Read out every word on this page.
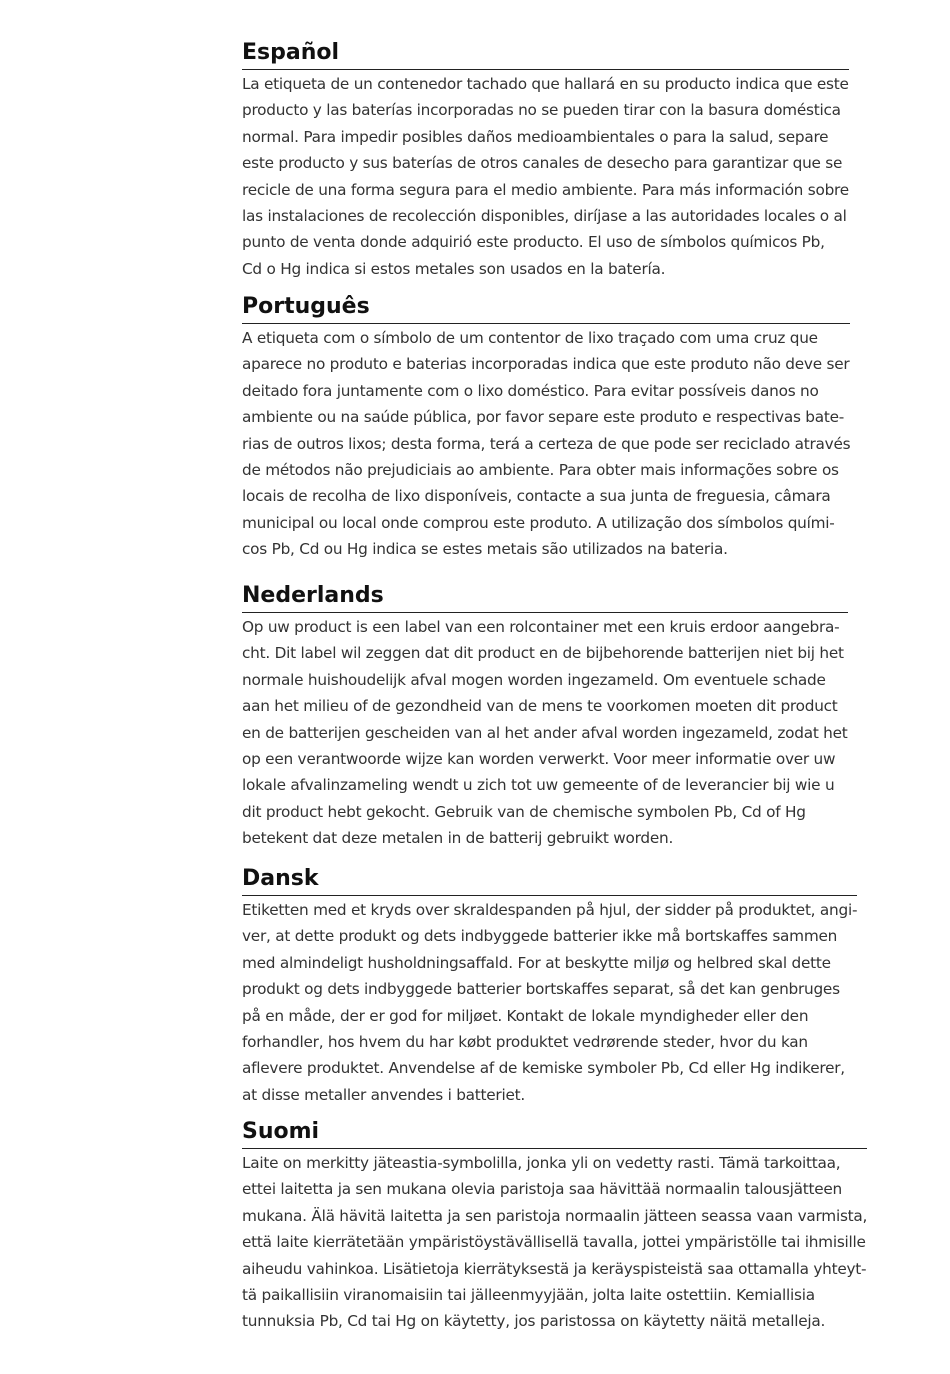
Español
La etiqueta de un contenedor tachado que hallará en su producto indica que este
producto y las baterías incorporadas no se pueden tirar con la basura doméstica
normal. Para impedir posibles daños medioambientales o para la salud, separe
este producto y sus baterías de otros canales de desecho para garantizar que se
recicle de una forma segura para el medio ambiente. Para más información sobre
las instalaciones de recolección disponibles, diríjase a las autoridades locales o al
punto de venta donde adquirió este producto. El uso de símbolos químicos Pb,
Cd o Hg indica si estos metales son usados en la batería.
Português
A etiqueta com o símbolo de um contentor de lixo traçado com uma cruz que
aparece no produto e baterias incorporadas indica que este produto não deve ser
deitado fora juntamente com o lixo doméstico. Para evitar possíveis danos no
ambiente ou na saúde pública, por favor separe este produto e respectivas bate-
rias de outros lixos; desta forma, terá a certeza de que pode ser reciclado através
de métodos não prejudiciais ao ambiente. Para obter mais informações sobre os
locais de recolha de lixo disponíveis, contacte a sua junta de freguesia, câmara
municipal ou local onde comprou este produto. A utilização dos símbolos quími-
cos Pb, Cd ou Hg indica se estes metais são utilizados na bateria.
Nederlands
Op uw product is een label van een rolcontainer met een kruis erdoor aangebra-
cht. Dit label wil zeggen dat dit product en de bijbehorende batterijen niet bij het
normale huishoudelijk afval mogen worden ingezameld. Om eventuele schade
aan het milieu of de gezondheid van de mens te voorkomen moeten dit product
en de batterijen gescheiden van al het ander afval worden ingezameld, zodat het
op een verantwoorde wijze kan worden verwerkt. Voor meer informatie over uw
lokale afvalinzameling wendt u zich tot uw gemeente of de leverancier bij wie u
dit product hebt gekocht. Gebruik van de chemische symbolen Pb, Cd of Hg
betekent dat deze metalen in de batterij gebruikt worden.
Dansk
Etiketten med et kryds over skraldespanden på hjul, der sidder på produktet, angi-
ver, at dette produkt og dets indbyggede batterier ikke må bortskaffes sammen
med almindeligt husholdningsaffald. For at beskytte miljø og helbred skal dette
produkt og dets indbyggede batterier bortskaffes separat, så det kan genbruges
på en måde, der er god for miljøet. Kontakt de lokale myndigheder eller den
forhandler, hos hvem du har købt produktet vedrørende steder, hvor du kan
aflevere produktet. Anvendelse af de kemiske symboler Pb, Cd eller Hg indikerer,
at disse metaller anvendes i batteriet.
Suomi
Laite on merkitty jäteastia-symbolilla, jonka yli on vedetty rasti. Tämä tarkoittaa,
ettei laitetta ja sen mukana olevia paristoja saa hävittää normaalin talousjätteen
mukana. Älä hävitä laitetta ja sen paristoja normaalin jätteen seassa vaan varmista,
että laite kierrätetään ympäristöystävällisellä tavalla, jottei ympäristölle tai ihmisille
aiheudu vahinkoa. Lisätietoja kierrätyksestä ja keräyspisteistä saa ottamalla yhteyt-
tä paikallisiin viranomaisiin tai jälleenmyyjään, jolta laite ostettiin. Kemiallisia
tunnuksia Pb, Cd tai Hg on käytetty, jos paristossa on käytetty näitä metalleja.
